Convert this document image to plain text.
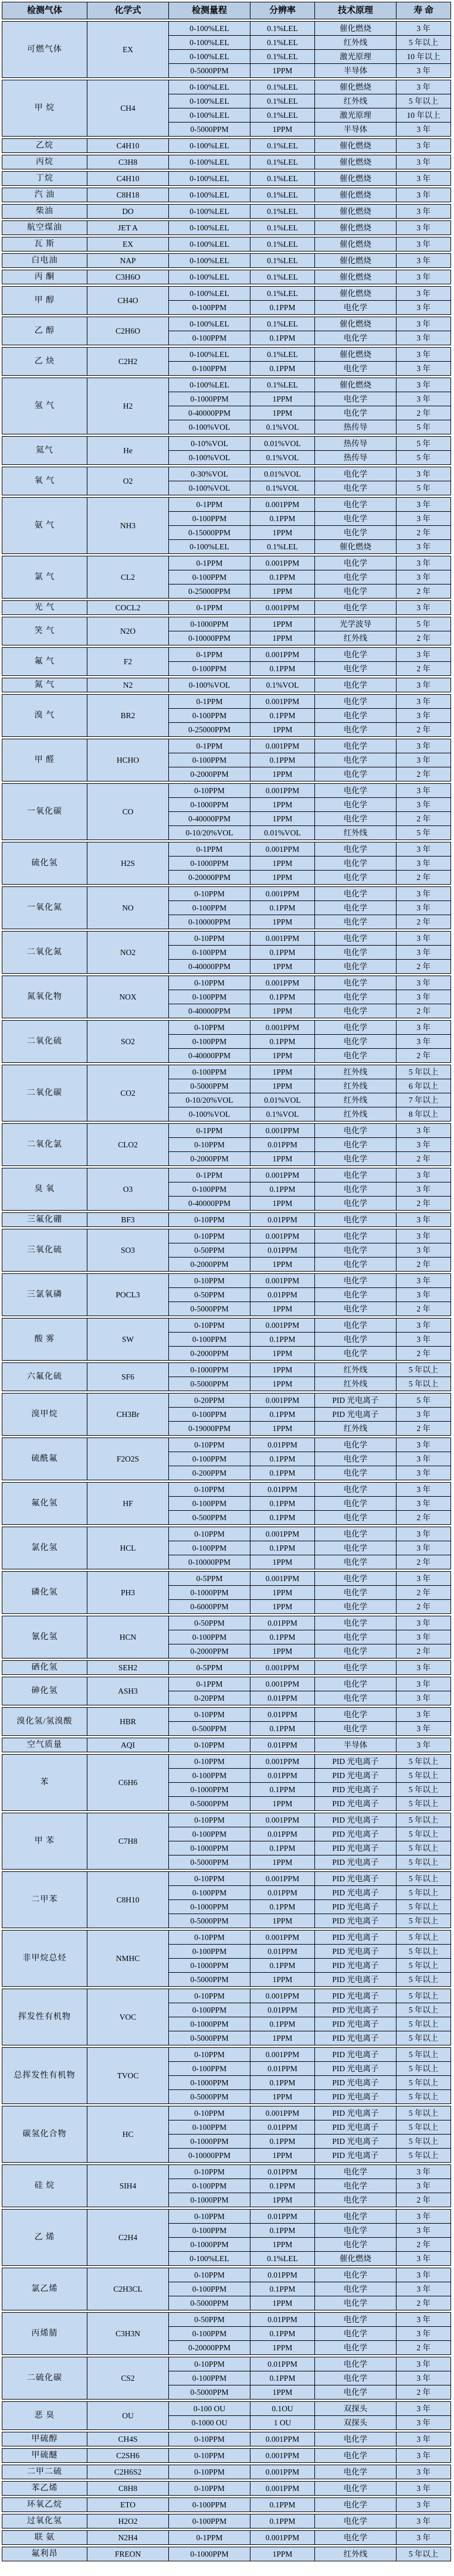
检测气体	化学式	检测量程	分辨率	技术原理	寿 命
可燃气体	EX
0-100%LEL	0.1%LEL	催化燃烧	3 年
0-100%LEL	0.1%LEL	红外线	5 年以上
0-100%LEL	0.1%LEL	激光原理	10 年以上
0-5000PPM	1PPM	半导体	3 年
甲 烷	CH4
0-100%LEL	0.1%LEL	催化燃烧	3 年
0-100%LEL	0.1%LEL	红外线	5 年以上
0-100%LEL	0.1%LEL	激光原理	10 年以上
0-5000PPM	1PPM	半导体	3 年
乙烷	C4H10	0-100%LEL	0.1%LEL	催化燃烧	3 年
丙烷	C3H8	0-100%LEL	0.1%LEL	催化燃烧	3 年
丁烷	C4H10	0-100%LEL	0.1%LEL	催化燃烧	3 年
汽 油	C8H18	0-100%LEL	0.1%LEL	催化燃烧	3 年
柴油	DO	0-100%LEL	0.1%LEL	催化燃烧	3 年
航空煤油	JET A	0-100%LEL	0.1%LEL	催化燃烧	3 年
瓦 斯	EX	0-100%LEL	0.1%LEL	催化燃烧	3 年
白电油	NAP	0-100%LEL	0.1%LEL	催化燃烧	3 年
丙 酮	C3H6O	0-100%LEL	0.1%LEL	催化燃烧	3 年
甲 醇	CH4O
0-100%LEL	0.1%LEL	催化燃烧	3 年
0-100PPM	0.1PPM	电化学	3 年
乙 醇	C2H6O
0-100%LEL	0.1%LEL	催化燃烧	3 年
0-100PPM	0.1PPM	电化学	3 年
乙 炔	C2H2
0-100%LEL	0.1%LEL	催化燃烧	3 年
0-100PPM	0.1PPM	电化学	3 年
氢 气	H2
0-100%LEL	0.1%LEL	催化燃烧	3 年
0-1000PPM	1PPM	电化学	3 年
0-40000PPM	1PPM	电化学	2 年
0-100%VOL	0.1%VOL	热传导	5 年
氦气	He
0-10%VOL	0.01%VOL	热传导	5 年
0-100%VOL	0.1%VOL	热传导	5 年
氧 气	O2
0-30%VOL	0.01%VOL	电化学	3 年
0-100%VOL	0.1%VOL	电化学	5 年
氨 气	NH3
0-1PPM	0.001PPM	电化学	3 年
0-100PPM	0.1PPM	电化学	3 年
0-15000PPM	1PPM	电化学	2 年
0-100%LEL	0.1%LEL	催化燃烧	3 年
氯 气	CL2
0-1PPM	0.001PPM	电化学	3 年
0-100PPM	0.1PPM	电化学	3 年
0-25000PPM	1PPM	电化学	2 年
光 气	COCL2	0-1PPM	0.001PPM	电化学	3 年
笑 气	N2O
0-1000PPM	1PPM	光学波导	5 年
0-10000PPM	1PPM	红外线	2 年
氟 气	F2
0-1PPM	0.001PPM	电化学	3 年
0-100PPM	0.1PPM	电化学	2 年
氮 气	N2	0-100%VOL	0.1%VOL	电化学	3 年
溴 气	BR2
0-1PPM	0.001PPM	电化学	3 年
0-100PPM	0.1PPM	电化学	3 年
0-25000PPM	1PPM	电化学	2 年
甲 醛	HCHO
0-1PPM	0.001PPM	电化学	3 年
0-100PPM	0.1PPM	电化学	3 年
0-2000PPM	1PPM	电化学	2 年
一氧化碳	CO
0-10PPM	0.001PPM	电化学	3 年
0-1000PPM	1PPM	电化学	3 年
0-40000PPM	1PPM	电化学	2 年
0-10/20%VOL	0.01%VOL	红外线	5 年
硫化氢	H2S
0-1PPM	0.001PPM	电化学	3 年
0-1000PPM	1PPM	电化学	3 年
0-20000PPM	1PPM	电化学	2 年
一氧化氮	NO
0-10PPM	0.001PPM	电化学	3 年
0-100PPM	0.1PPM	电化学	3 年
0-10000PPM	1PPM	电化学	2 年
二氧化氮	NO2
0-10PPM	0.001PPM	电化学	3 年
0-100PPM	0.1PPM	电化学	3 年
0-40000PPM	1PPM	电化学	2 年
氮氧化物	NOX
0-10PPM	0.001PPM	电化学	3 年
0-100PPM	0.1PPM	电化学	3 年
0-40000PPM	1PPM	电化学	2 年
二氧化硫	SO2
0-10PPM	0.001PPM	电化学	3 年
0-100PPM	0.1PPM	电化学	3 年
0-40000PPM	1PPM	电化学	2 年
二氧化碳	CO2
0-100PPM	1PPM	红外线	5 年以上
0-5000PPM	1PPM	红外线	6 年以上
0-10/20%VOL	0.01%VOL	红外线	7 年以上
0-100%VOL	0.1%VOL	红外线	8 年以上
二氧化氯	CLO2
0-1PPM	0.001PPM	电化学	3 年
0-10PPM	0.01PPM	电化学	3 年
0-2000PPM	1PPM	电化学	2 年
臭 氧	O3
0-1PPM	0.001PPM	电化学	3 年
0-100PPM	0.1PPM	电化学	3 年
0-40000PPM	1PPM	电化学	2 年
三氟化硼	BF3	0-10PPM	0.01PPM	电化学	3 年
三氧化硫	SO3
0-10PPM	0.001PPM	电化学	3 年
0-50PPM	0.01PPM	电化学	3 年
0-2000PPM	1PPM	电化学	2 年
三氯氧磷	POCL3
0-10PPM	0.001PPM	电化学	3 年
0-50PPM	0.01PPM	电化学	3 年
0-5000PPM	1PPM	电化学	2 年
酸 雾	SW
0-10PPM	0.001PPM	电化学	3 年
0-100PPM	0.1PPM	电化学	3 年
0-2000PPM	1PPM	电化学	2 年
六氟化硫	SF6
0-1000PPM	1PPM	红外线	5 年以上
0-5000PPM	1PPM	红外线	5 年以上
溴甲烷	CH3Br
0-20PPM	0.001PPM	PID 光电离子	5 年
0-100PPM	0.1PPM	PID 光电离子	3 年
0-19000PPM	1PPM	红外线	2 年
硫酰氟	F2O2S
0-10PPM	0.01PPM	电化学	3 年
0-100PPM	0.1PPM	电化学	3 年
0-200PPM	0.1PPM	电化学	3 年
氟化氢	HF
0-10PPM	0.01PPM	电化学	3 年
0-100PPM	0.1PPM	电化学	3 年
0-500PPM	0.1PPM	电化学	2 年
氯化氢	HCL
0-10PPM	0.001PPM	电化学	3 年
0-100PPM	0.1PPM	电化学	3 年
0-10000PPM	1PPM	电化学	2 年
磷化氢	PH3
0-5PPM	0.001PPM	电化学	3 年
0-1000PPM	1PPM	电化学	2 年
0-6000PPM	1PPM	电化学	2 年
氰化氢	HCN
0-50PPM	0.01PPM	电化学	3 年
0-100PPM	0.1PPM	电化学	3 年
0-2000PPM	1PPM	电化学	2 年
硒化氢	SEH2	0-5PPM	0.001PPM	电化学	3 年
砷化氢	ASH3
0-1PPM	0.001PPM	电化学	3 年
0-20PPM	0.01PPM	电化学	3 年
溴化氢/氢溴酸	HBR
0-10PPM	0.01PPM	电化学	3 年
0-500PPM	0.1PPM	电化学	3 年
空气质量	AQI	0-10PPM	0.01PPM	半导体	3 年
苯	C6H6
0-10PPM	0.001PPM	PID 光电离子	5 年以上
0-100PPM	0.01PPM	PID 光电离子	5 年以上
0-1000PPM	0.1PPM	PID 光电离子	5 年以上
0-5000PPM	1PPM	PID 光电离子	5 年以上
甲 苯	C7H8
0-10PPM	0.001PPM	PID 光电离子	5 年以上
0-100PPM	0.01PPM	PID 光电离子	5 年以上
0-1000PPM	0.1PPM	PID 光电离子	5 年以上
0-5000PPM	1PPM	PID 光电离子	5 年以上
二甲苯	C8H10
0-10PPM	0.001PPM	PID 光电离子	5 年以上
0-100PPM	0.01PPM	PID 光电离子	5 年以上
0-1000PPM	0.1PPM	PID 光电离子	5 年以上
0-5000PPM	1PPM	PID 光电离子	5 年以上
非甲烷总烃	NMHC
0-10PPM	0.001PPM	PID 光电离子	5 年以上
0-100PPM	0.01PPM	PID 光电离子	5 年以上
0-1000PPM	0.1PPM	PID 光电离子	5 年以上
0-5000PPM	1PPM	PID 光电离子	5 年以上
挥发性有机物	VOC
0-10PPM	0.001PPM	PID 光电离子	5 年以上
0-100PPM	0.01PPM	PID 光电离子	5 年以上
0-1000PPM	0.1PPM	PID 光电离子	5 年以上
0-5000PPM	1PPM	PID 光电离子	5 年以上
总挥发性有机物	TVOC
0-10PPM	0.001PPM	PID 光电离子	5 年以上
0-100PPM	0.01PPM	PID 光电离子	5 年以上
0-1000PPM	0.1PPM	PID 光电离子	5 年以上
0-5000PPM	1PPM	PID 光电离子	5 年以上
碳氢化合物	HC
0-10PPM	0.001PPM	PID 光电离子	5 年以上
0-100PPM	0.01PPM	PID 光电离子	5 年以上
0-1000PPM	0.1PPM	PID 光电离子	5 年以上
0-10000PPM	1PPM	PID 光电离子	5 年以上
硅 烷	SIH4
0-10PPM	0.01PPM	电化学	3 年
0-100PPM	0.1PPM	电化学	3 年
0-1000PPM	1PPM	电化学	2 年
乙 烯	C2H4
0-10PPM	0.01PPM	电化学	3 年
0-100PPM	0.1PPM	电化学	3 年
0-1000PPM	1PPM	电化学	2 年
0-100%LEL	0.1%LEL	催化燃烧	3 年
氯乙烯	C2H3CL
0-10PPM	0.01PPM	电化学	3 年
0-100PPM	0.1PPM	电化学	3 年
0-5000PPM	1PPM	电化学	2 年
丙烯腈	C3H3N
0-50PPM	0.01PPM	电化学	3 年
0-100PPM	0.1PPM	电化学	3 年
0-20000PPM	1PPM	电化学	2 年
二硫化碳	CS2
0-10PPM	0.01PPM	电化学	3 年
0-100PPM	0.1PPM	电化学	3 年
0-5000PPM	1PPM	电化学	2 年
恶 臭	OU
0-100 OU	0.1OU	双探头	3 年
0-1000 OU	1 OU	双探头	3 年
甲硫醇	CH4S	0-10PPM	0.001PPM	电化学	3 年
甲硫醚	C2SH6	0-10PPM	0.001PPM	电化学	3 年
二甲二硫	C2H6S2	0-10PPM	0.001PPM	电化学	3 年
苯乙烯	C8H8	0-10PPM	0.001PPM	电化学	3 年
环氧乙烷	ETO	0-100PPM	0.1PPM	电化学	3 年
过氧化氢	H2O2	0-100PPM	0.1PPM	电化学	3 年
联 氨	N2H4	0-1PPM	0.001PPM	电化学	3 年
氟利昂	FREON	0-1000PPM	1PPM	红外线	5 年以上
